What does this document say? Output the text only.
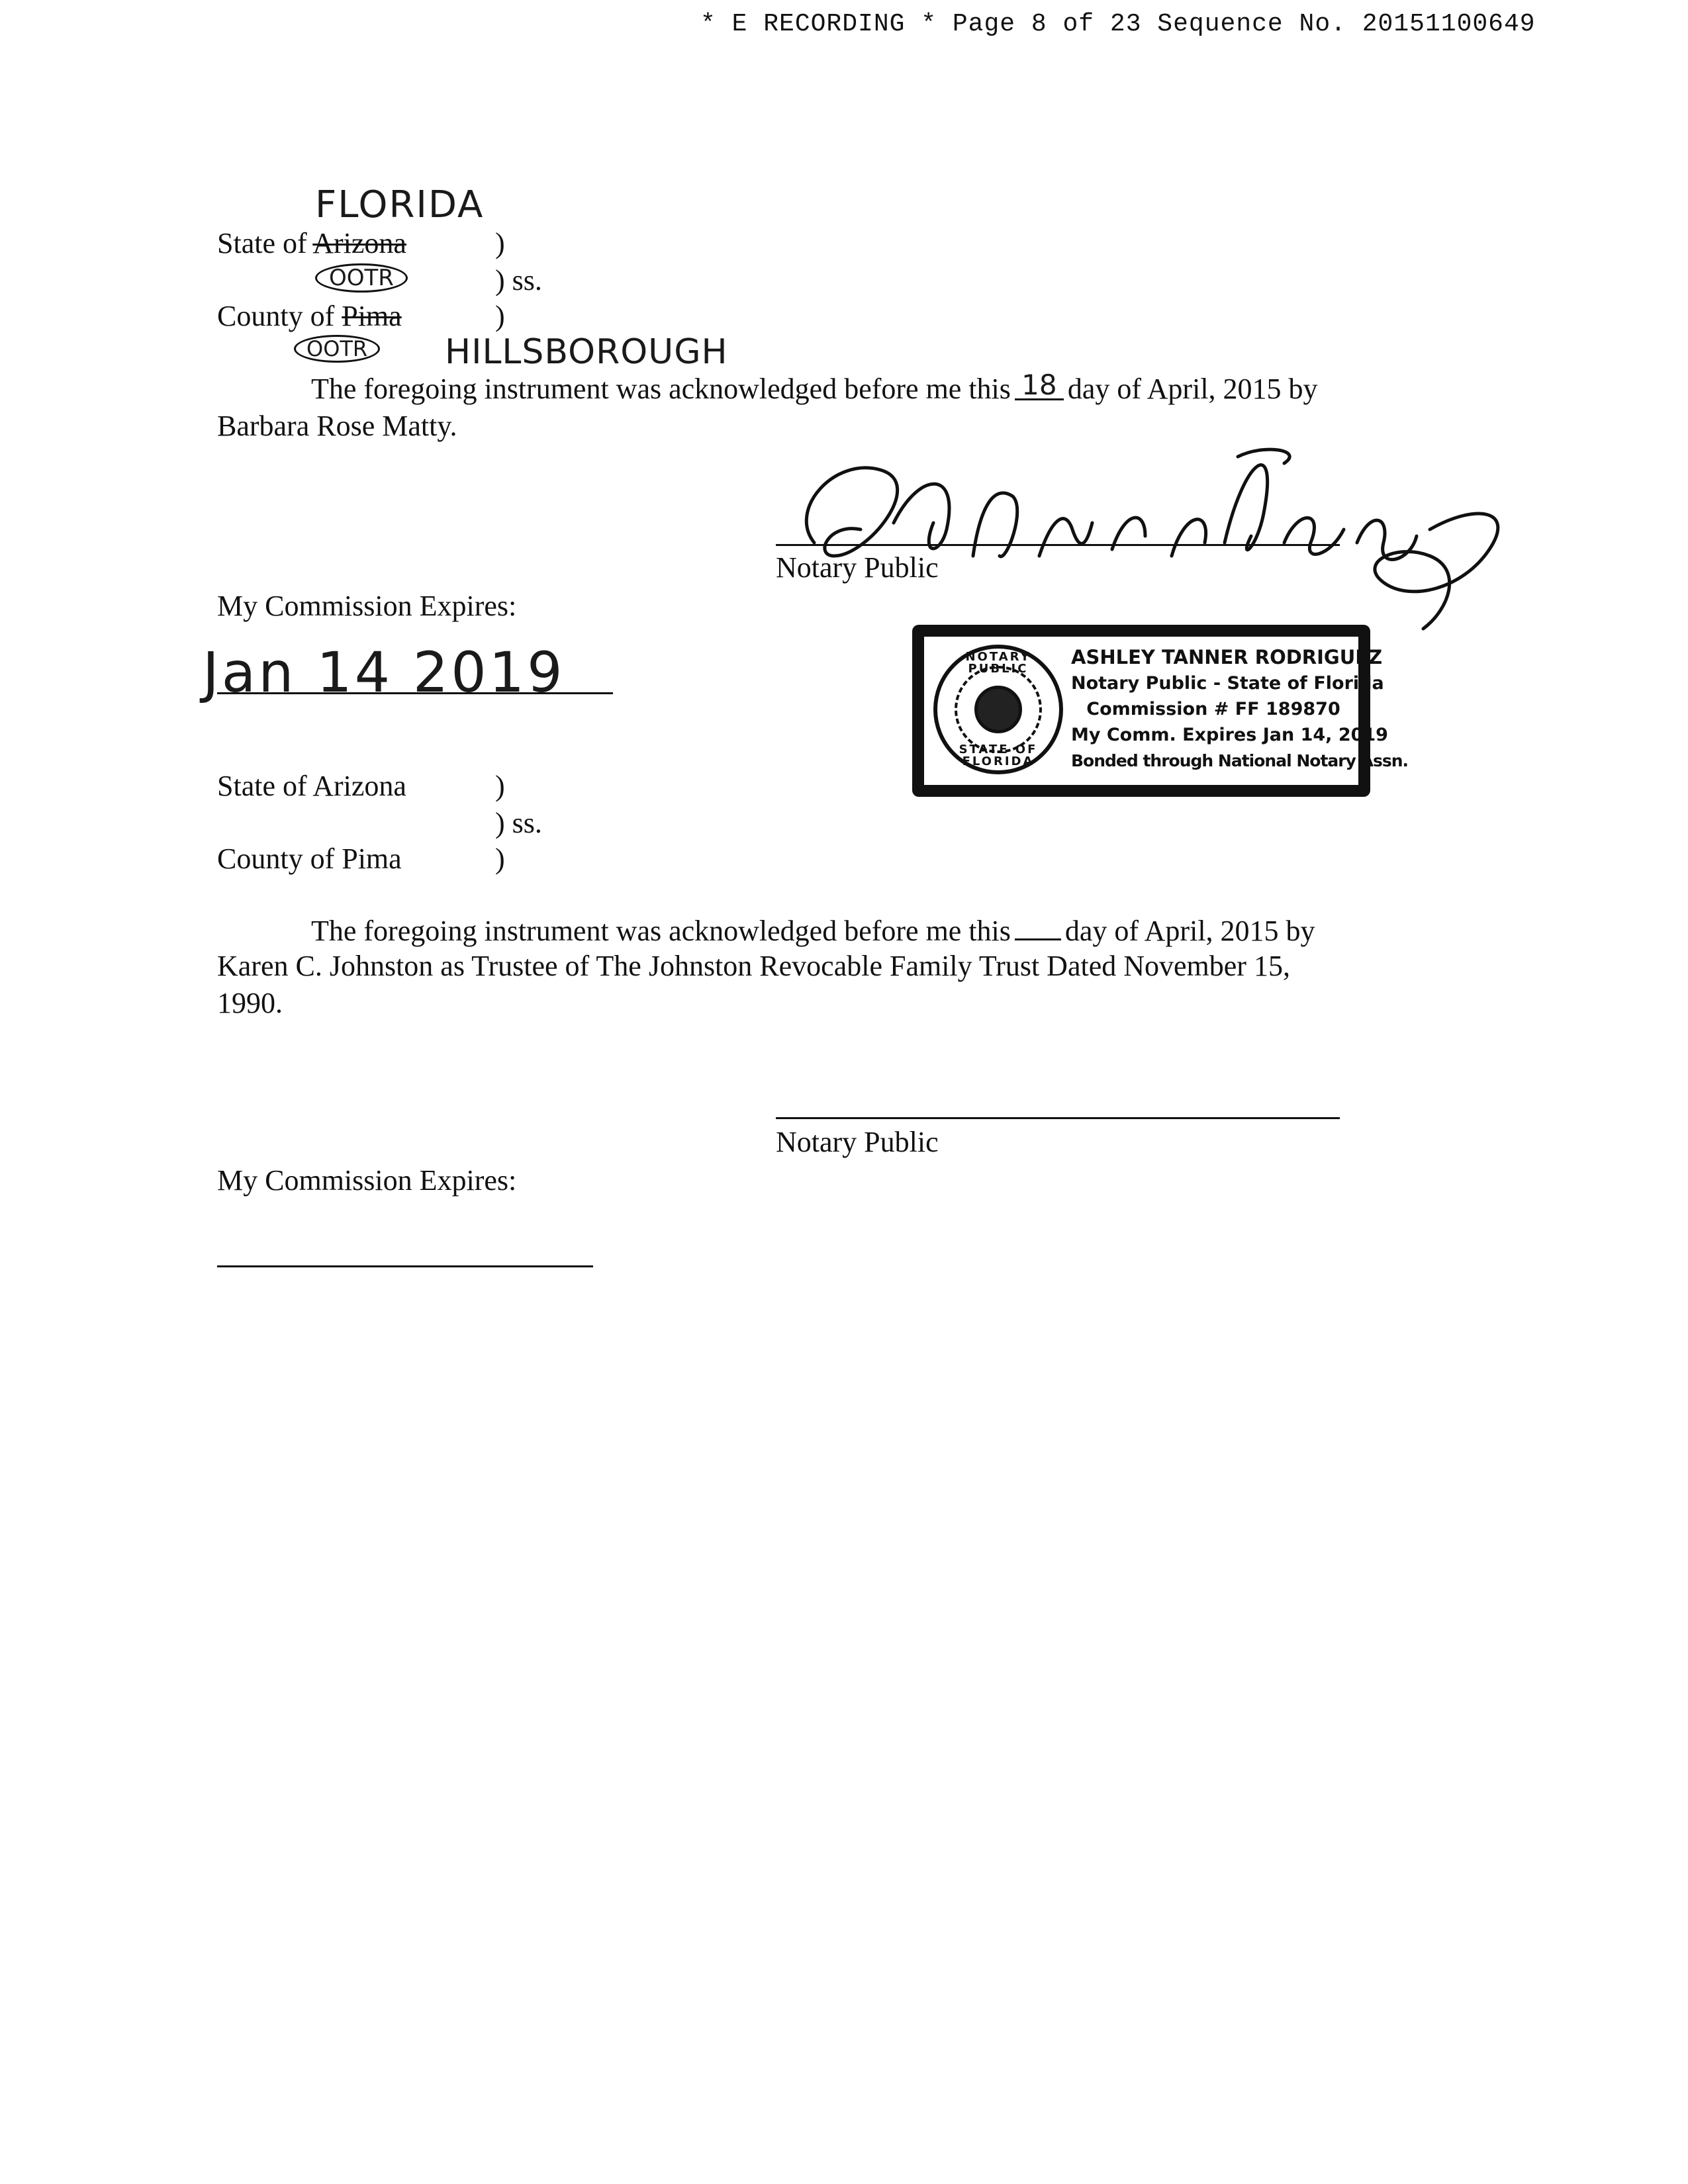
* E RECORDING * Page 8 of 23 Sequence No. 20151100649
FLORIDA
State of Arizona	)
OOTR	) ss.
County of Pima	)
OOTR	HILLSBOROUGH
The foregoing instrument was acknowledged before me this 18 day of April, 2015 by
Barbara Rose Matty.
Notary Public
My Commission Expires:
Jan 14 2019	NOTARY PUBLIC
STATE OF FLORIDA
ASHLEY TANNER RODRIGUEZ
Notary Public - State of Florida
Commission # FF 189870
My Comm. Expires Jan 14, 2019
Bonded through National Notary Assn.
State of Arizona	)
) ss.
County of Pima	)
The foregoing instrument was acknowledged before me this day of April, 2015 by
Karen C. Johnston as Trustee of The Johnston Revocable Family Trust Dated November 15,
1990.
Notary Public
My Commission Expires:
